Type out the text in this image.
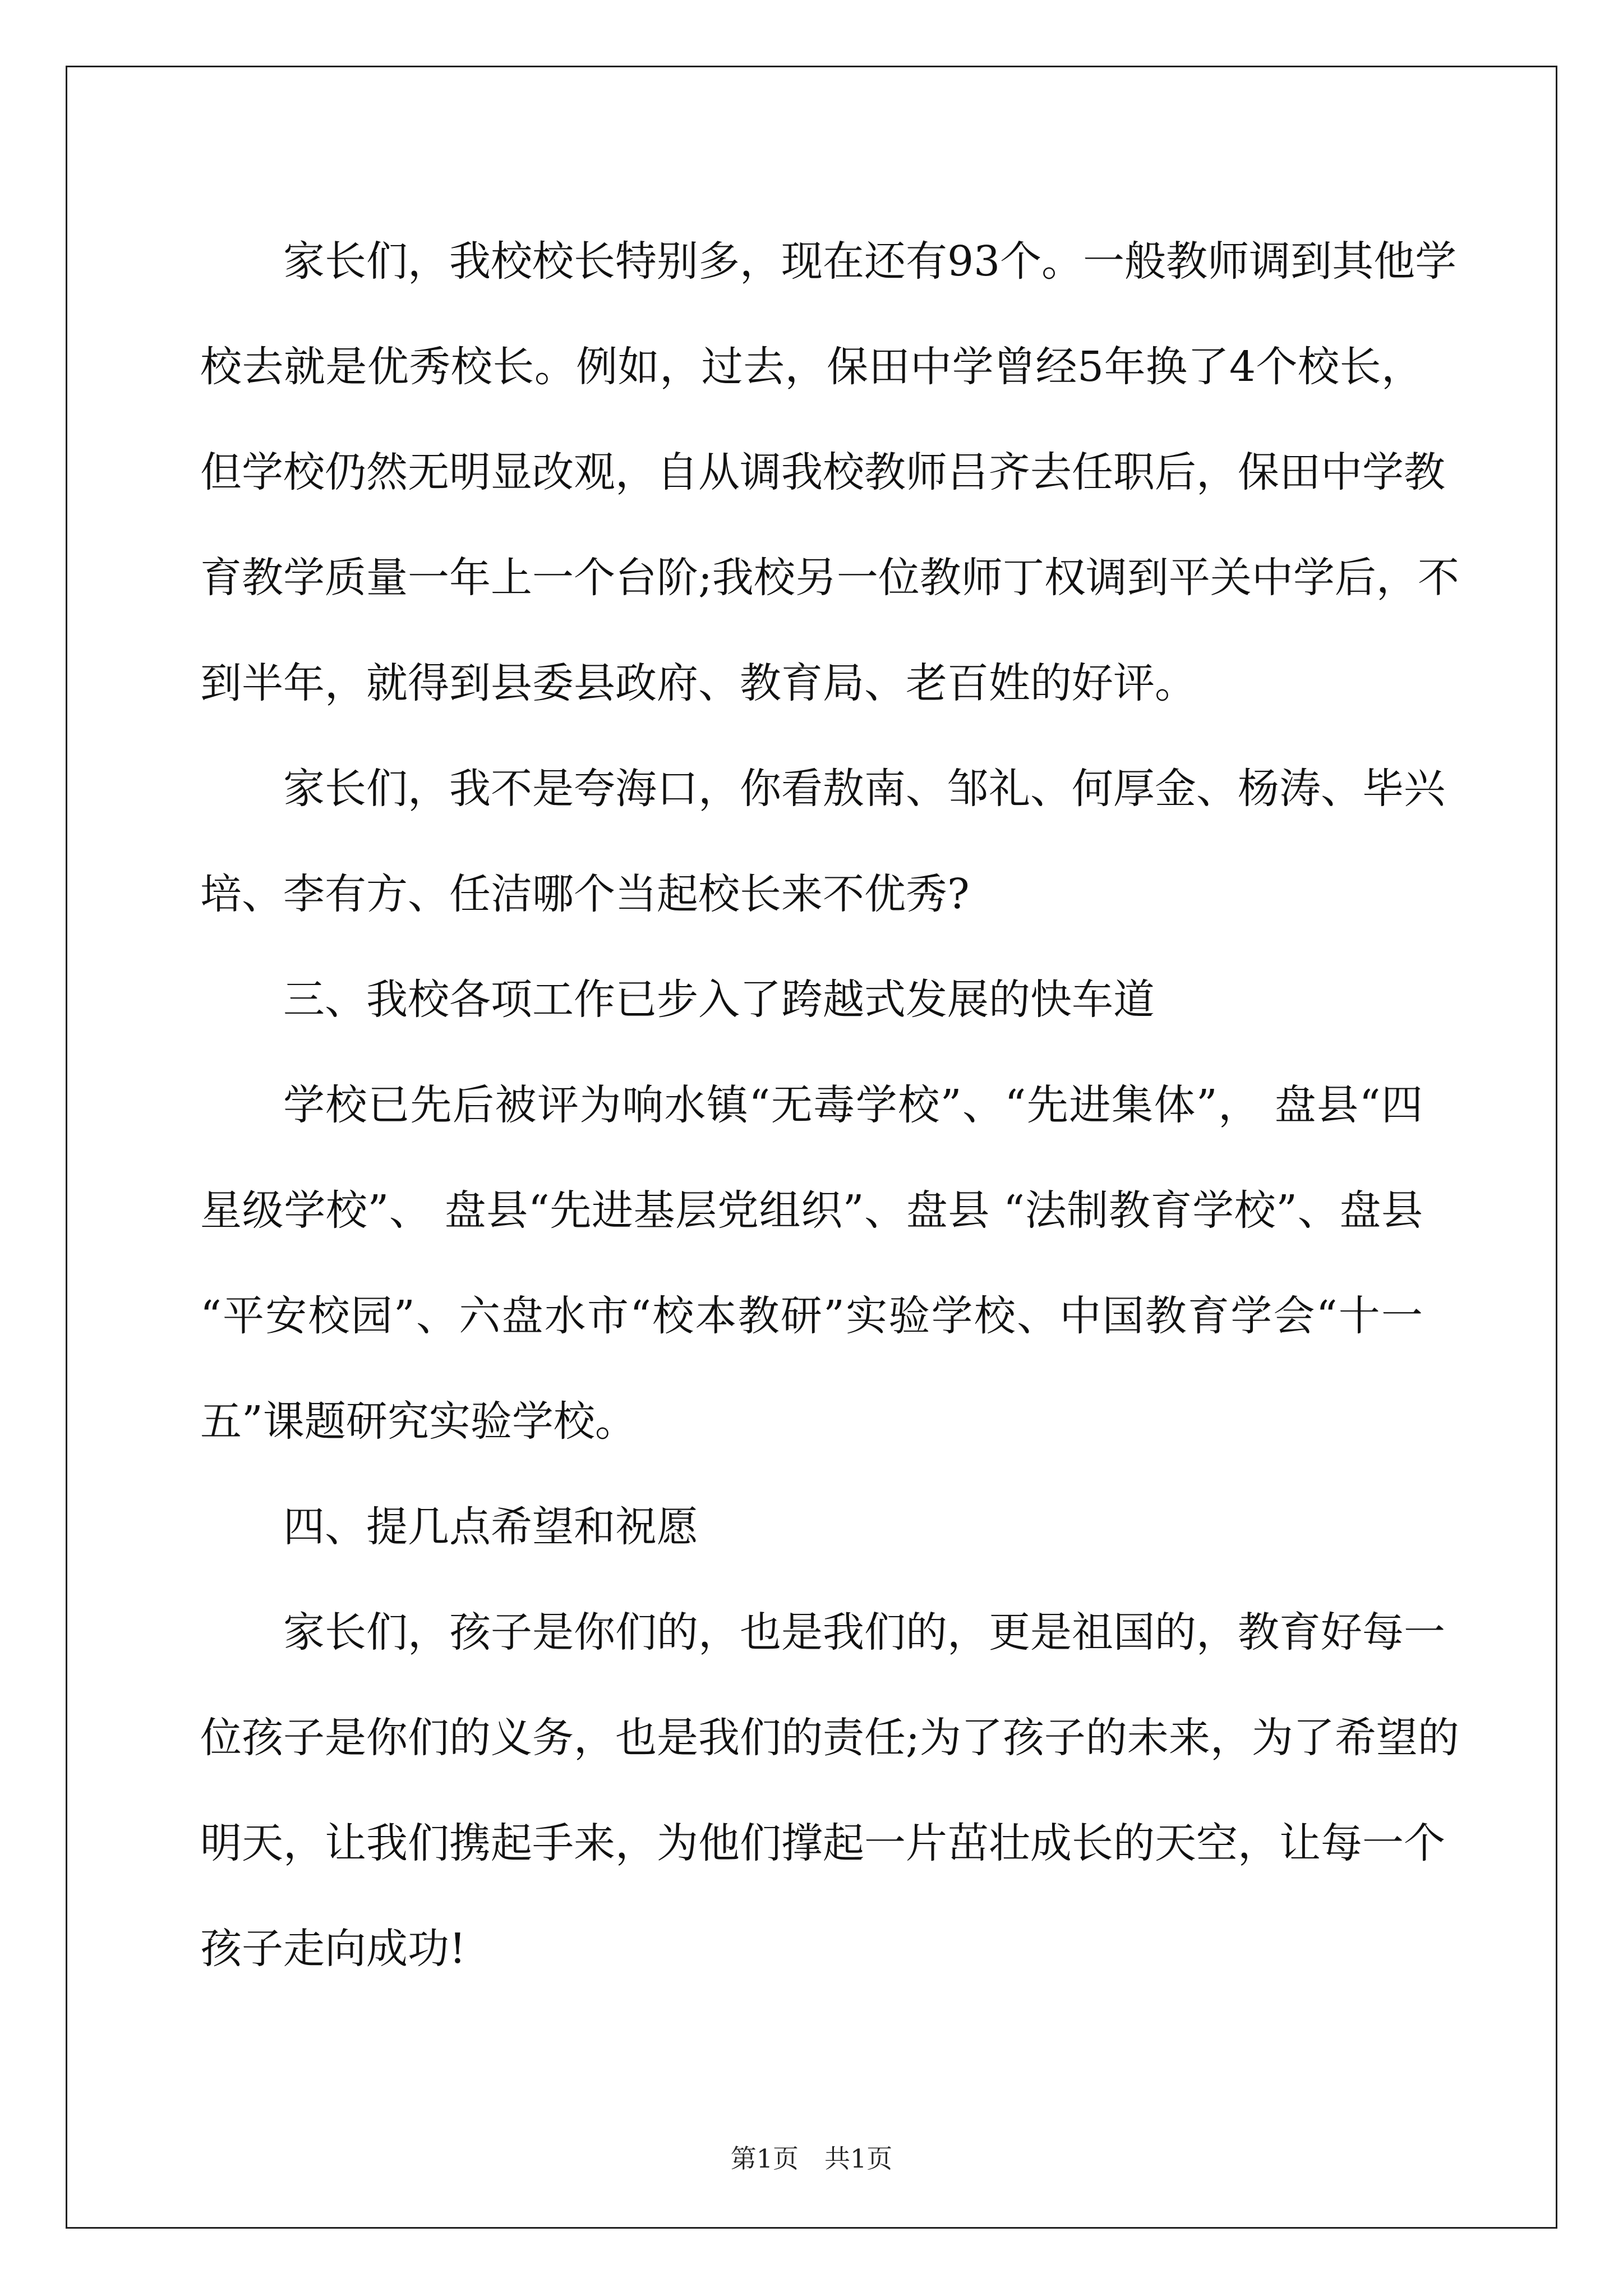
家长们，我校校长特别多，现在还有93个。一般教师调到其他学
校去就是优秀校长。例如，过去，保田中学曾经5年换了4个校长，
但学校仍然无明显改观，自从调我校教师吕齐去任职后，保田中学教
育教学质量一年上一个台阶;我校另一位教师丁权调到平关中学后，不
到半年，就得到县委县政府、教育局、老百姓的好评。
家长们，我不是夸海口，你看敖南、邹礼、何厚金、杨涛、毕兴
培、李有方、任洁哪个当起校长来不优秀?
三、我校各项工作已步入了跨越式发展的快车道
学校已先后被评为响水镇“无毒学校”、“先进集体”， 盘县“四
星级学校”、 盘县“先进基层党组织”、盘县 “法制教育学校”、盘县
“平安校园”、六盘水市“校本教研”实验学校、中国教育学会“十一
五”课题研究实验学校。
四、提几点希望和祝愿
家长们，孩子是你们的，也是我们的，更是祖国的，教育好每一
位孩子是你们的义务，也是我们的责任;为了孩子的未来，为了希望的
明天，让我们携起手来，为他们撑起一片茁壮成长的天空，让每一个
孩子走向成功!
第1页　共1页
